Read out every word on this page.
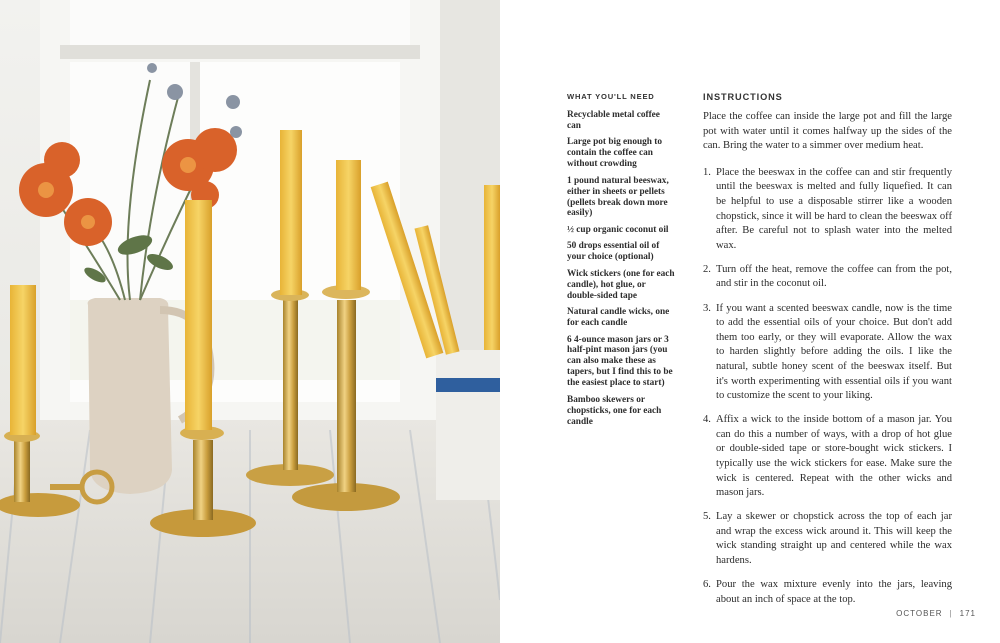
WHAT YOU'LL NEED
Recyclable metal coffee can
Large pot big enough to contain the coffee can without crowding
1 pound natural beeswax, either in sheets or pellets (pellets break down more easily)
½ cup organic coconut oil
50 drops essential oil of your choice (optional)
Wick stickers (one for each candle), hot glue, or double-sided tape
Natural candle wicks, one for each candle
6 4-ounce mason jars or 3 half-pint mason jars (you can also make these as tapers, but I find this to be the easiest place to start)
Bamboo skewers or chopsticks, one for each candle
INSTRUCTIONS

Place the coffee can inside the large pot and fill the large pot with water until it comes halfway up the sides of the can. Bring the water to a simmer over medium heat.

1. Place the beeswax in the coffee can and stir frequently until the beeswax is melted and fully liquefied. It can be helpful to use a disposable stirrer like a wooden chopstick, since it will be hard to clean the beeswax off after. Be careful not to splash water into the melted wax.
2. Turn off the heat, remove the coffee can from the pot, and stir in the coconut oil.
3. If you want a scented beeswax candle, now is the time to add the essential oils of your choice. But don't add them too early, or they will evaporate. Allow the wax to harden slightly before adding the oils. I like the natural, subtle honey scent of the beeswax itself. But it's worth experimenting with essential oils if you want to customize the scent to your liking.
4. Affix a wick to the inside bottom of a mason jar. You can do this a number of ways, with a drop of hot glue or double-sided tape or store-bought wick stickers. I typically use the wick stickers for ease. Make sure the wick is centered. Repeat with the other wicks and mason jars.
5. Lay a skewer or chopstick across the top of each jar and wrap the excess wick around it. This will keep the wick standing straight up and centered while the wax hardens.
6. Pour the wax mixture evenly into the jars, leaving about an inch of space at the top.
OCTOBER | 171
